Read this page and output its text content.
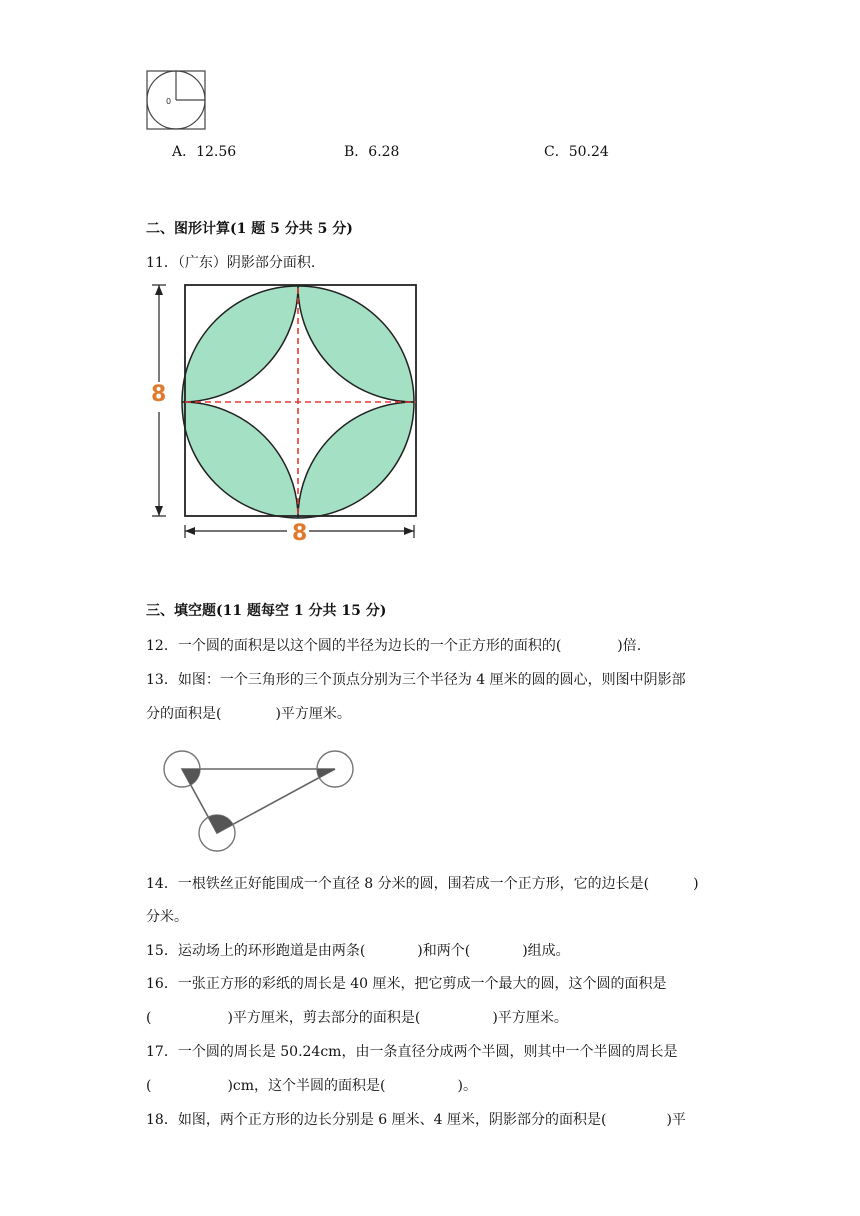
0
A．12.56	B．6.28	C．50.24
二、图形计算(1 题 5 分共 5 分)
11．（广东）阴影部分面积.
8
8
三、填空题(11 题每空 1 分共 15 分)
12．一个圆的面积是以这个圆的半径为边长的一个正方形的面积的(	)倍.
13．如图：一个三角形的三个顶点分别为三个半径为 4 厘米的圆的圆心，则图中阴影部
分的面积是(	)平方厘米。
14．一根铁丝正好能围成一个直径 8 分米的圆，围若成一个正方形，它的边长是(	)
分米。
15．运动场上的环形跑道是由两条(	)和两个(	)组成。
16．一张正方形的彩纸的周长是 40 厘米，把它剪成一个最大的圆，这个圆的面积是
(	)平方厘米，剪去部分的面积是(	)平方厘米。
17．一个圆的周长是 50.24cm，由一条直径分成两个半圆，则其中一个半圆的周长是
(	)cm，这个半圆的面积是(	)。
18．如图，两个正方形的边长分别是 6 厘米、4 厘米，阴影部分的面积是(	)平
